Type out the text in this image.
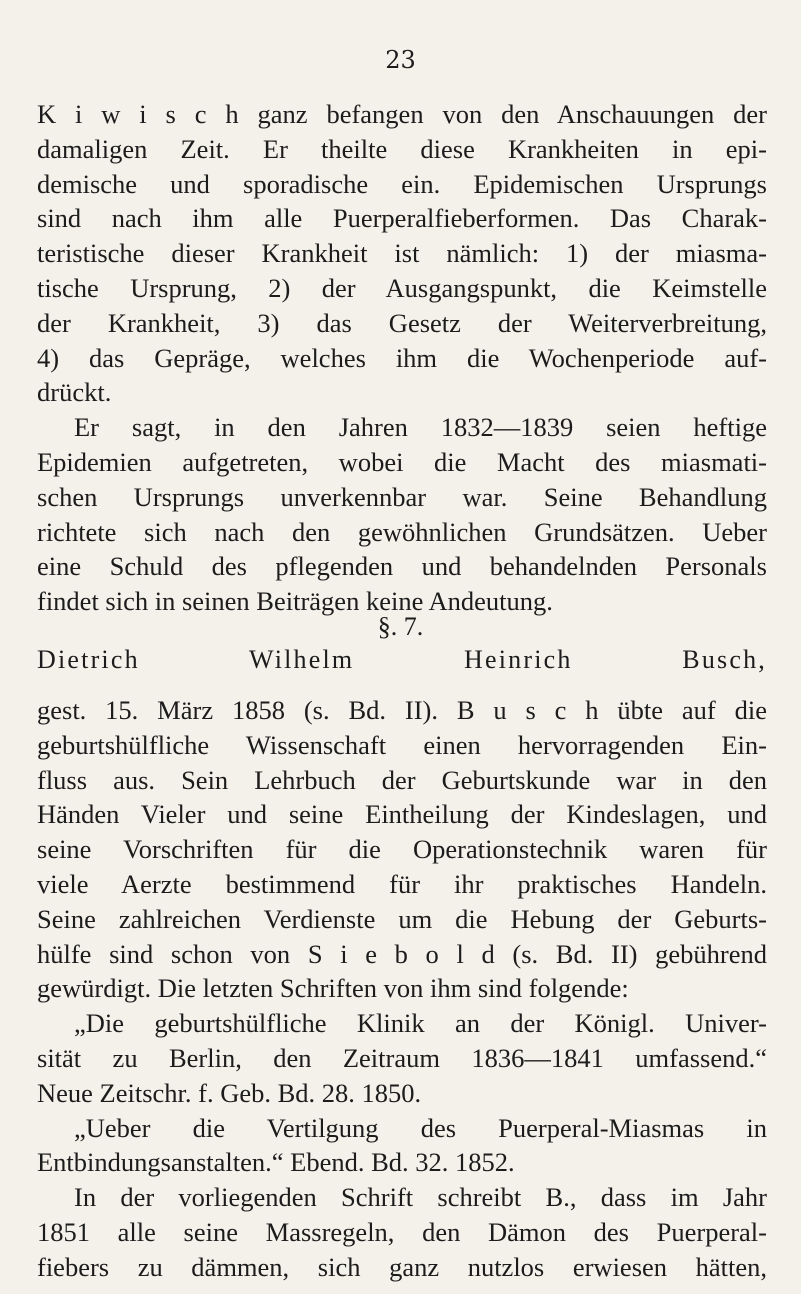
23
K i w i s c h ganz befangen von den Anschauungen der
damaligen Zeit. Er theilte diese Krankheiten in epi-
demische und sporadische ein. Epidemischen Ursprungs
sind nach ihm alle Puerperalfieberformen. Das Charak-
teristische dieser Krankheit ist nämlich: 1) der miasma-
tische Ursprung, 2) der Ausgangspunkt, die Keimstelle
der Krankheit, 3) das Gesetz der Weiterverbreitung,
4) das Gepräge, welches ihm die Wochenperiode auf-
drückt.
Er sagt, in den Jahren 1832—1839 seien heftige
Epidemien aufgetreten, wobei die Macht des miasmati-
schen Ursprungs unverkennbar war. Seine Behandlung
richtete sich nach den gewöhnlichen Grundsätzen. Ueber
eine Schuld des pflegenden und behandelnden Personals
findet sich in seinen Beiträgen keine Andeutung.
§. 7.
Dietrich Wilhelm Heinrich Busch,
gest. 15. März 1858 (s. Bd. II). B u s c h übte auf die
geburtshülfliche Wissenschaft einen hervorragenden Ein-
fluss aus. Sein Lehrbuch der Geburtskunde war in den
Händen Vieler und seine Eintheilung der Kindeslagen, und
seine Vorschriften für die Operationstechnik waren für
viele Aerzte bestimmend für ihr praktisches Handeln.
Seine zahlreichen Verdienste um die Hebung der Geburts-
hülfe sind schon von S i e b o l d (s. Bd. II) gebührend
gewürdigt. Die letzten Schriften von ihm sind folgende:
„Die geburtshülfliche Klinik an der Königl. Univer-
sität zu Berlin, den Zeitraum 1836—1841 umfassend.“
Neue Zeitschr. f. Geb. Bd. 28. 1850.
„Ueber die Vertilgung des Puerperal-Miasmas in
Entbindungsanstalten.“ Ebend. Bd. 32. 1852.
In der vorliegenden Schrift schreibt B., dass im Jahr
1851 alle seine Massregeln, den Dämon des Puerperal-
fiebers zu dämmen, sich ganz nutzlos erwiesen hätten,
